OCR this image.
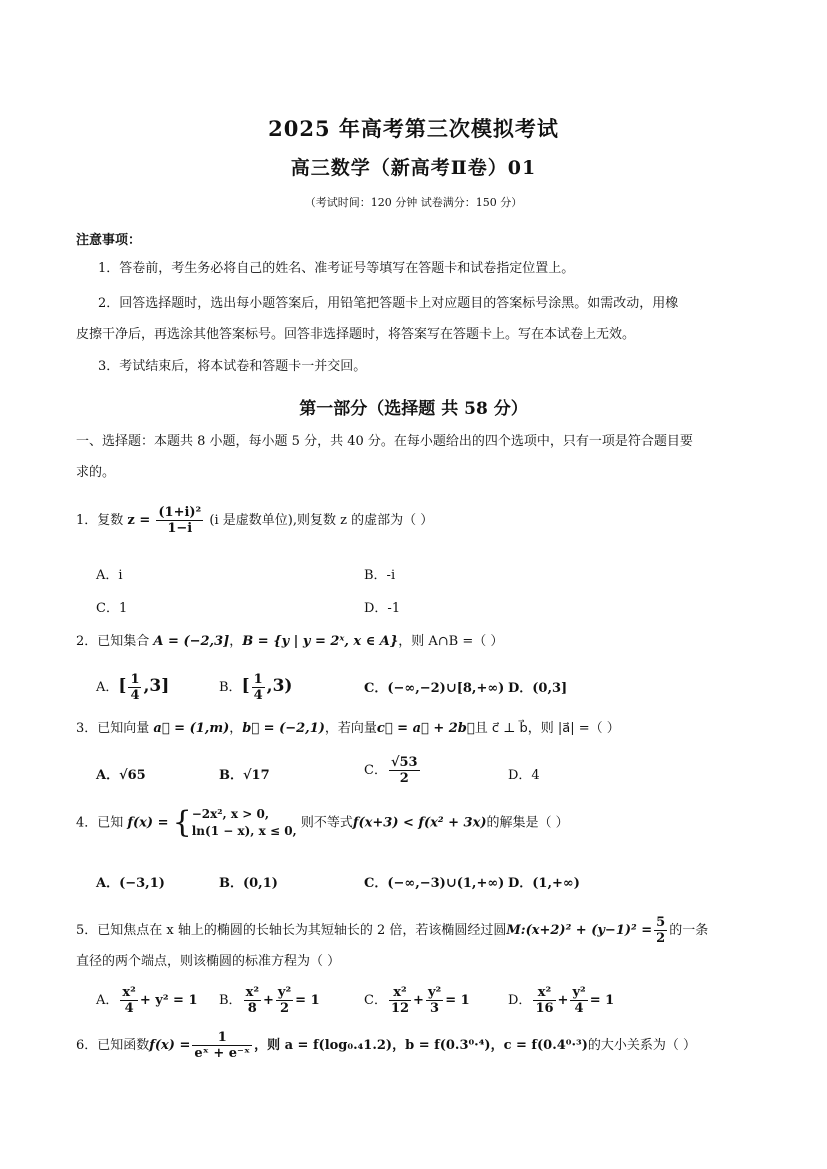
2025 年高考第三次模拟考试
高三数学（新高考Ⅱ卷）01
（考试时间：120 分钟 试卷满分：150 分）
注意事项：
1．答卷前，考生务必将自己的姓名、准考证号等填写在答题卡和试卷指定位置上。
2．回答选择题时，选出每小题答案后，用铅笔把答题卡上对应题目的答案标号涂黑。如需改动，用橡
皮擦干净后，再选涂其他答案标号。回答非选择题时，将答案写在答题卡上。写在本试卷上无效。
3．考试结束后，将本试卷和答题卡一并交回。
第一部分（选择题 共 58 分）
一、选择题：本题共 8 小题，每小题 5 分，共 40 分。在每小题给出的四个选项中，只有一项是符合题目要
求的。
1．复数 $z = \frac{\text{(1+i)²}}{1-i} (i$ 是虚数单位),则复数 z 的虚部为（ ）
A．i	B．-i
C．1	D．-1
2．已知集合 A = (−2,3]，B = {y | y = 2ˣ, x ∈ A}，则 A∩B =（ ）
A．[ $\frac{1}{4} ,3$]	B．[ $\frac{1}{4} ,3$)	C．(−∞,−2)∪[8,+∞) D．(0,3]
3．已知向量 a⃗ = (1,m)，b⃗ = (−2,1)，若向量c⃗ = a⃗ + 2b⃗且 c⃗ ⊥ b⃗，则 |a⃗| =（ ）
A．√65	B．√17	C． $\frac{√53}{2}$	D．4
4．已知 f(x) = { −2x², x > 0,
ln(1 − x), x ≤ 0,
则不等式f(x+3) < f(x² + 3x)的解集是（ ）
A．(−3,1)	B．(0,1)	C．(−∞,−3)∪(1,+∞) D．(1,+∞)
5．已知焦点在 x 轴上的椭圆的长轴长为其短轴长的 2 倍，若该椭圆经过圆M:(x+2)² + $(y-1)^2 = \frac{5}{2}$ 的一条
直径的两个端点，则该椭圆的标准方程为（ ）
A． $\frac{\text{x²}}{4} + y^2 = 1$ B． $\frac{\text{x²}}{8} + \frac{\text{y²}}{2} = 1$	C． $\frac{\text{x²}}{12} + \frac{\text{y²}}{3} = 1$	D． $\frac{\text{x²}}{16} + \frac{\text{y²}}{4} = 1$
6．已知函数$f(x) = \frac{1}{\text{eˣ + e⁻ˣ}}$ ，则 a = f(log₀.₄1.2)，b = f(0.3⁰·⁴)，c = f(0.4⁰·³)的大小关系为（ ）
